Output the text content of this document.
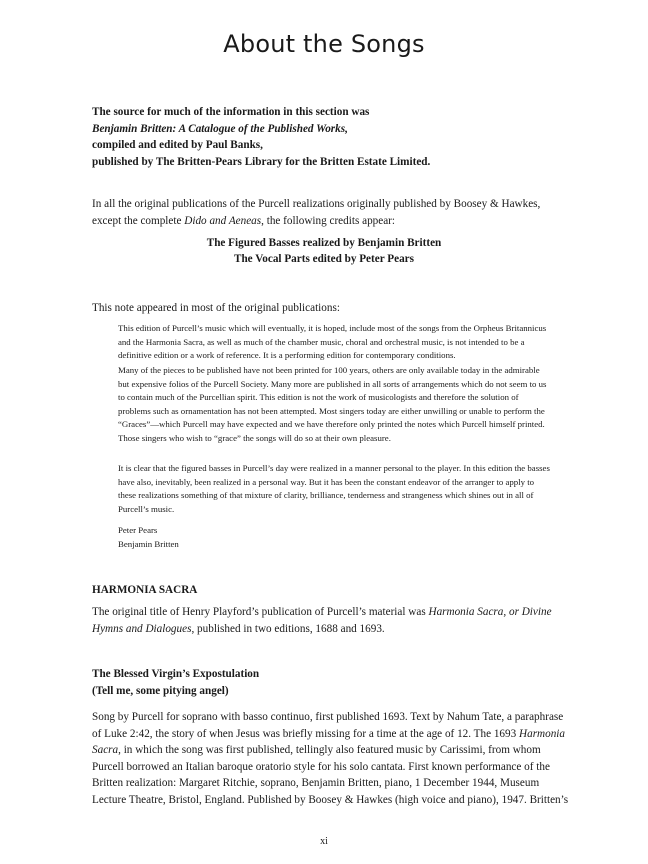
About the Songs

The source for much of the information in this section was

Benjamin Britten: A Catalogue of the Published Works,

compiled and edited by Paul Banks,

published by The Britten-Pears Library for the Britten Estate Limited.

In all the original publications of the Purcell realizations originally published by Boosey & Hawkes, except the complete Dido and Aeneas, the following credits appear:

The Figured Basses realized by Benjamin Britten

The Vocal Parts edited by Peter Pears

This note appeared in most of the original publications:

This edition of Purcell’s music which will eventually, it is hoped, include most of the songs from the Orpheus Britannicus and the Harmonia Sacra, as well as much of the chamber music, choral and orchestral music, is not intended to be a definitive edition or a work of reference. It is a performing edition for contemporary conditions.

Many of the pieces to be published have not been printed for 100 years, others are only available today in the admirable but expensive folios of the Purcell Society. Many more are published in all sorts of arrangements which do not seem to us to contain much of the Purcellian spirit. This edition is not the work of musicologists and therefore the solution of problems such as ornamentation has not been attempted. Most singers today are either unwilling or unable to perform the “Graces”—which Purcell may have expected and we have therefore only printed the notes which Purcell himself printed. Those singers who wish to “grace” the songs will do so at their own pleasure.

It is clear that the figured basses in Purcell’s day were realized in a manner personal to the player. In this edition the basses have also, inevitably, been realized in a personal way. But it has been the constant endeavor of the arranger to apply to these realizations something of that mixture of clarity, brilliance, tenderness and strangeness which shines out in all of Purcell’s music.

Peter Pears

Benjamin Britten

HARMONIA SACRA

The original title of Henry Playford’s publication of Purcell’s material was Harmonia Sacra, or Divine Hymns and Dialogues, published in two editions, 1688 and 1693.

The Blessed Virgin’s Expostulation

(Tell me, some pitying angel)

Song by Purcell for soprano with basso continuo, first published 1693. Text by Nahum Tate, a paraphrase of Luke 2:42, the story of when Jesus was briefly missing for a time at the age of 12. The 1693 Harmonia Sacra, in which the song was first published, tellingly also featured music by Carissimi, from whom Purcell borrowed an Italian baroque oratorio style for his solo cantata. First known performance of the Britten realization: Margaret Ritchie, soprano, Benjamin Britten, piano, 1 December 1944, Museum Lecture Theatre, Bristol, England. Published by Boosey & Hawkes (high voice and piano), 1947. Britten’s

xi
